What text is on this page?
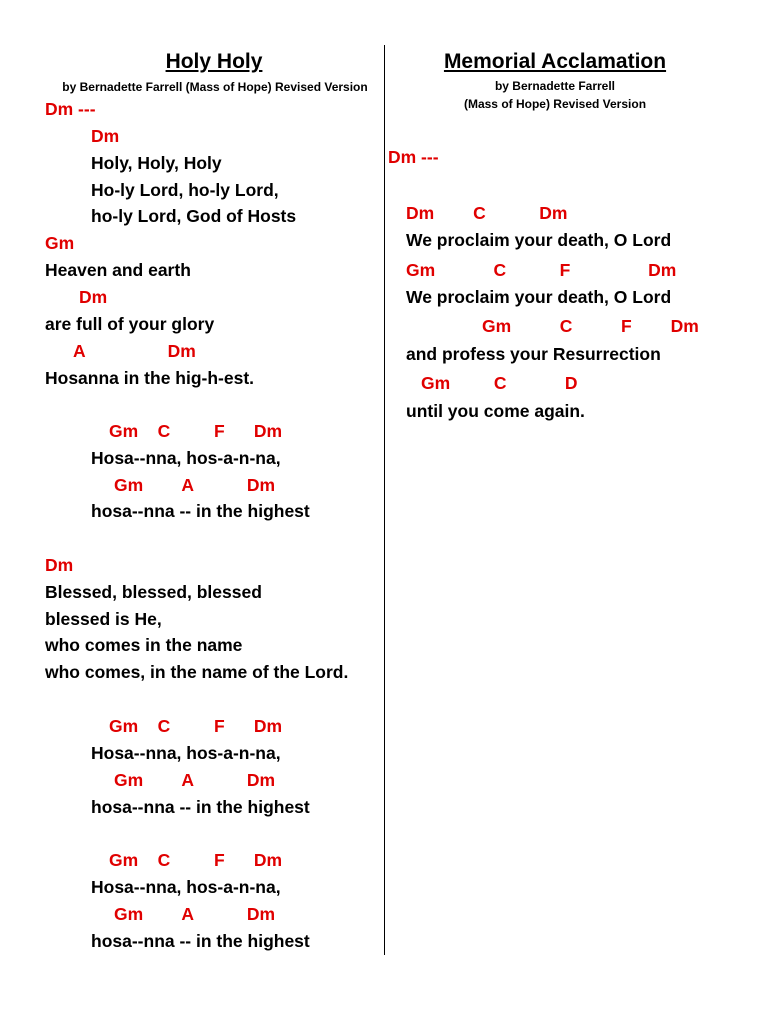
Holy Holy
by Bernadette Farrell (Mass of Hope) Revised Version
Dm ---
Dm
Holy, Holy, Holy
Ho-ly Lord, ho-ly Lord,
ho-ly Lord, God of Hosts
Gm
Heaven and earth
Dm
are full of your glory
A                 Dm
Hosanna in the hig-h-est.
Gm    C         F      Dm
Hosa--nna, hos-a-n-na,
Gm        A           Dm
hosa--nna -- in the highest
Dm
Blessed, blessed, blessed
blessed is He,
who comes in the name
who comes, in the name of the Lord.
Gm    C         F      Dm
Hosa--nna, hos-a-n-na,
Gm        A           Dm
hosa--nna -- in the highest
Gm    C         F      Dm
Hosa--nna, hos-a-n-na,
Gm        A           Dm
hosa--nna -- in the highest
Memorial Acclamation
by Bernadette Farrell
(Mass of Hope) Revised Version
Dm ---
Dm        C           Dm
We proclaim your death, O Lord
Gm            C           F                Dm
We proclaim your death, O Lord
Gm          C          F        Dm
and profess your Resurrection
Gm         C            D
until you come again.
